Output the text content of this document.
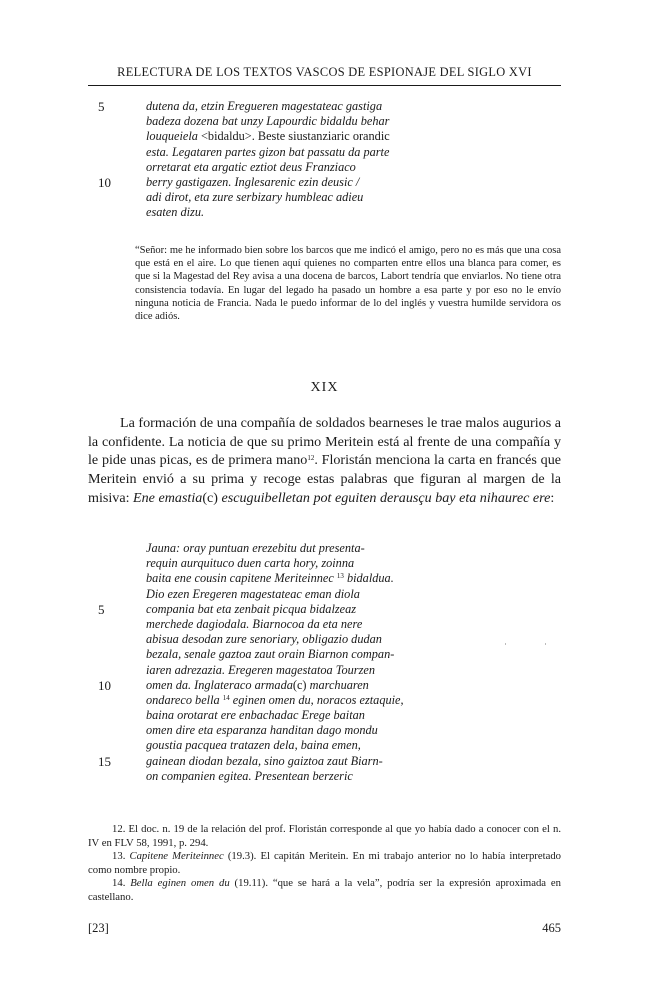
RELECTURA DE LOS TEXTOS VASCOS DE ESPIONAJE DEL SIGLO XVI
5	dutena da, etzin Eregueren magestateac gastiga
badeza dozena bat unzy Lapourdic bidaldu behar
louqueiela <bidaldu>. Beste siustanziaric orandic
esta. Legataren partes gizon bat passatu da parte
orretarat eta argatic eztiot deus Franziaco
10	berry gastigazen. Inglesarenic ezin deusic /
adi dirot, eta zure serbizary humbleac adieu
esaten dizu.

“Señor: me he informado bien sobre los barcos que me indicó el amigo, pero no es más que una cosa que está en el aire. Lo que tienen aquí quienes no comparten entre ellos una blanca para comer, es que si la Magestad del Rey avisa a una docena de barcos, Labort tendría que enviarlos. No tiene otra consistencia todavía. En lugar del legado ha pasado un hombre a esa parte y por eso no le envío ninguna noticia de Francia. Nada le puedo informar de lo del inglés y vuestra humilde servidora os dice adiós.

XIX

La formación de una compañía de soldados bearneses le trae malos augurios a la confidente. La noticia de que su primo Meritein está al frente de una compañía y le pide unas picas, es de primera mano$^{12}$. Floristán menciona la carta en francés que Meritein envió a su prima y recoge estas palabras que figuran al margen de la misiva: Ene emastia(c) escuguibelletan pot eguiten derausçu bay eta nihaurec ere:

Jauna: oray puntuan erezebitu dut presenta-
requin aurquituco duen carta hory, zoinna
baita ene cousin capitene Meriteinnec $^{13}$ bidaldua.
Dio ezen Eregeren magestateac eman diola
5	compania bat eta zenbait picqua bidalzeaz
merchede dagiodala. Biarnocoa da eta nere
abisua desodan zure senoriary, obligazio dudan
bezala, senale gaztoa zaut orain Biarnon compan-
iaren adrezazia. Eregeren magestatoa Tourzen
10	omen da. Inglateraco armada(c) marchuaren
ondareco bella $^{14}$ eginen omen du, noracos eztaquie,
baina orotarat ere enbachadac Erege baitan
omen dire eta esparanza handitan dago mondu
goustia pacquea tratazen dela, baina emen,
15	gainean diodan bezala, sino gaiztoa zaut Biarn-
on companien egitea. Presentean berzeric

12. El doc. n. 19 de la relación del prof. Floristán corresponde al que yo había dado a conocer con el n. IV en FLV 58, 1991, p. 294.

13. Capitene Meriteinnec (19.3). El capitán Meritein. En mi trabajo anterior no lo había interpretado como nombre propio.

14. Bella eginen omen du (19.11). “que se hará a la vela”, podría ser la expresión aproximada en castellano.

[23]	465
